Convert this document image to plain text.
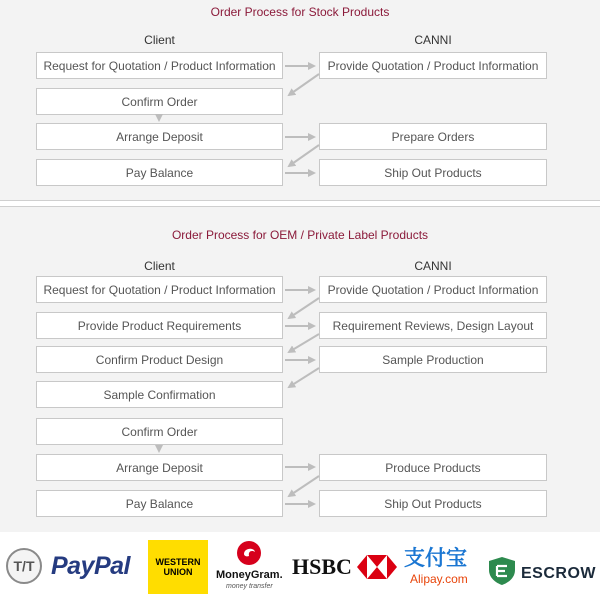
Order Process for Stock Products
Client	CANNI
Request for Quotation / Product Information	Provide Quotation / Product Information
Confirm Order
Arrange Deposit	Prepare Orders
Pay Balance	Ship Out Products
Order Process for OEM / Private Label Products
Client	CANNI
Request for Quotation / Product Information	Provide Quotation / Product Information
Provide Product Requirements	Requirement Reviews, Design Layout
Confirm Product Design	Sample Production
Sample Confirmation
Confirm Order
Arrange Deposit	Produce Products
Pay Balance	Ship Out Products
T/T PayPal	WESTERN
UNION MoneyGram.
money transfer
HSBC 支付宝
Alipay.com	ESCROW
